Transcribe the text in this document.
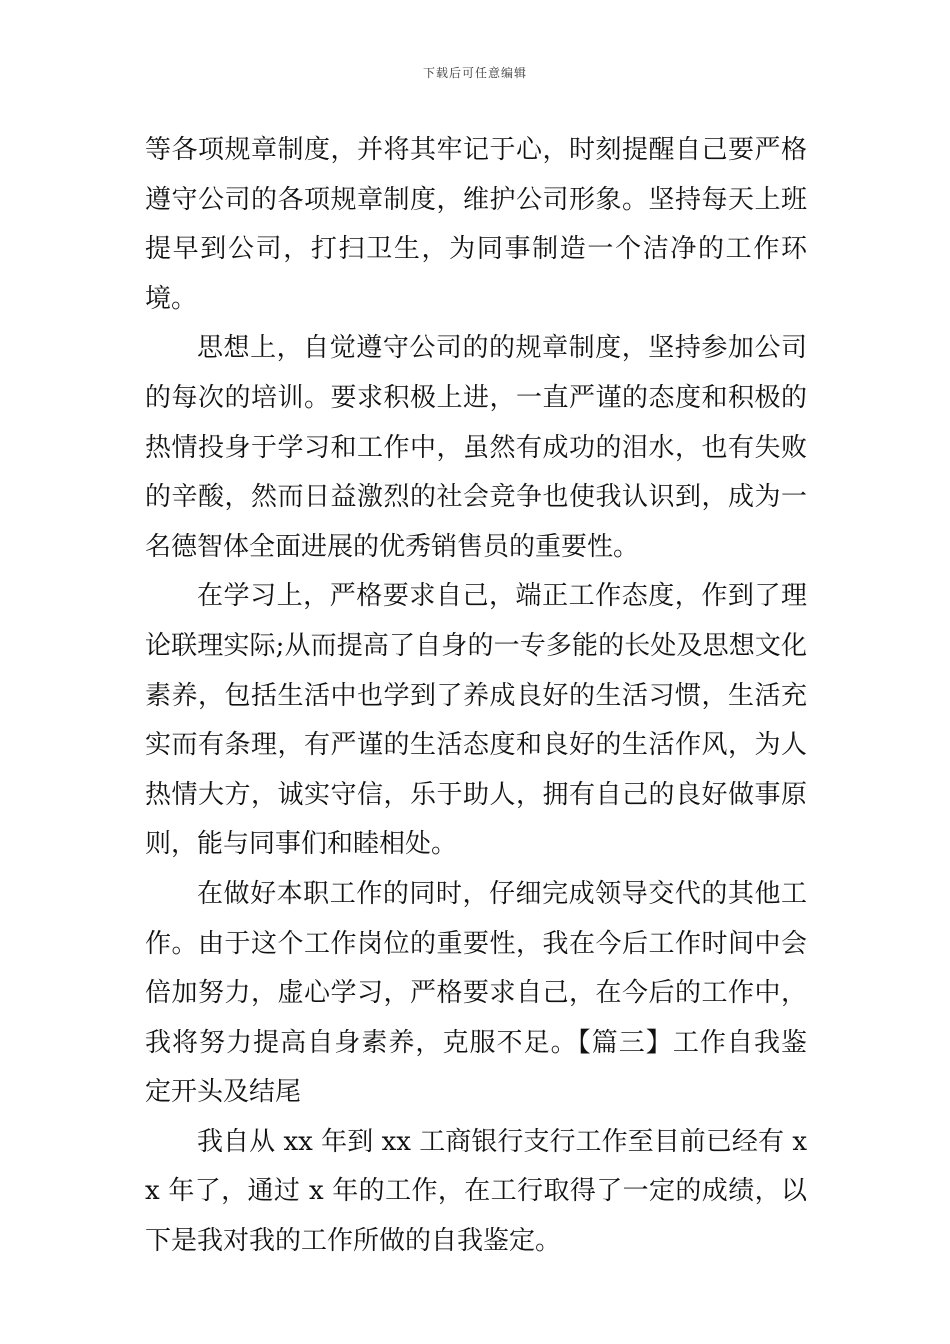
下载后可任意编辑

等各项规章制度，并将其牢记于心，时刻提醒自己要严格遵守公司的各项规章制度，维护公司形象。坚持每天上班提早到公司，打扫卫生，为同事制造一个洁净的工作环境。

思想上，自觉遵守公司的的规章制度，坚持参加公司的每次的培训。要求积极上进，一直严谨的态度和积极的热情投身于学习和工作中，虽然有成功的泪水，也有失败的辛酸，然而日益激烈的社会竞争也使我认识到，成为一名德智体全面进展的优秀销售员的重要性。

在学习上，严格要求自己，端正工作态度，作到了理论联理实际;从而提高了自身的一专多能的长处及思想文化素养，包括生活中也学到了养成良好的生活习惯，生活充实而有条理，有严谨的生活态度和良好的生活作风，为人热情大方，诚实守信，乐于助人，拥有自己的良好做事原则，能与同事们和睦相处。

在做好本职工作的同时，仔细完成领导交代的其他工作。由于这个工作岗位的重要性，我在今后工作时间中会倍加努力，虚心学习，严格要求自己，在今后的工作中，我将努力提高自身素养，克服不足。【篇三】工作自我鉴定开头及结尾

我自从 xx 年到 xx 工商银行支行工作至目前已经有 xx 年了，通过 x 年的工作，在工行取得了一定的成绩，以下是我对我的工作所做的自我鉴定。
